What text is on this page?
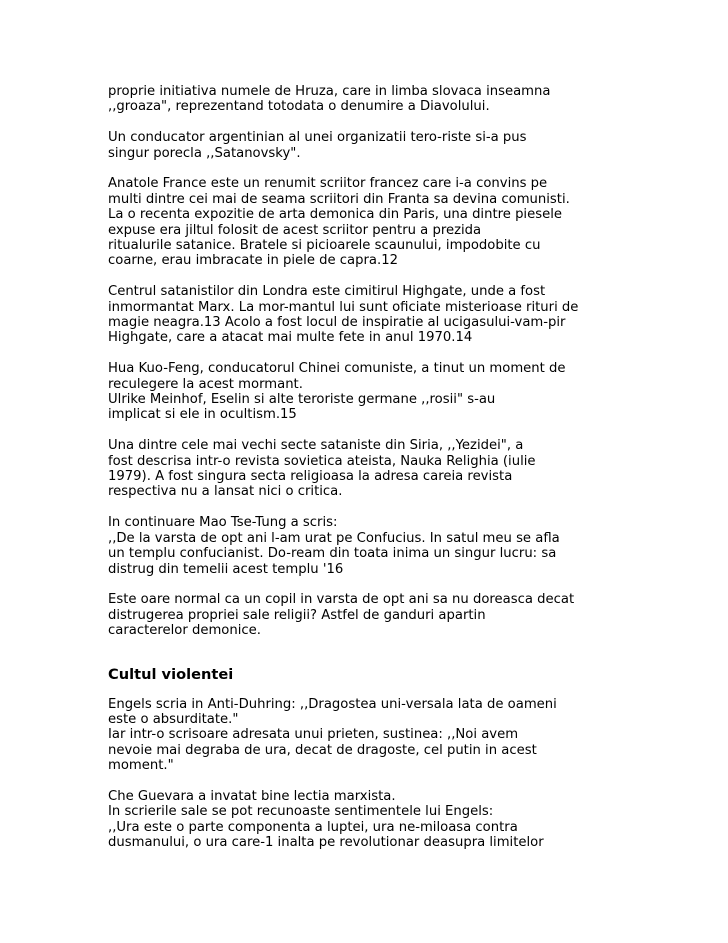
proprie initiativa numele de Hruza, care in limba slovaca inseamna
,,groaza", reprezentand totodata o denumire a Diavolului.
Un conducator argentinian al unei organizatii tero-riste si-a pus
singur porecla ,,Satanovsky".
Anatole France este un renumit scriitor francez care i-a convins pe
multi dintre cei mai de seama scriitori din Franta sa devina comunisti.
La o recenta expozitie de arta demonica din Paris, una dintre piesele
expuse era jiltul folosit de acest scriitor pentru a prezida
ritualurile satanice. Bratele si picioarele scaunului, impodobite cu
coarne, erau imbracate in piele de capra.12
Centrul satanistilor din Londra este cimitirul Highgate, unde a fost
inmormantat Marx. La mor-mantul lui sunt oficiate misterioase rituri de
magie neagra.13 Acolo a fost locul de inspiratie al ucigasului-vam-pir
Highgate, care a atacat mai multe fete in anul 1970.14
Hua Kuo-Feng, conducatorul Chinei comuniste, a tinut un moment de
reculegere la acest mormant.
Ulrike Meinhof, Eselin si alte teroriste germane ,,rosii" s-au
implicat si ele in ocultism.15
Una dintre cele mai vechi secte sataniste din Siria, ,,Yezidei", a
fost descrisa intr-o revista sovietica ateista, Nauka Relighia (iulie
1979). A fost singura secta religioasa la adresa careia revista
respectiva nu a lansat nici o critica.
In continuare Mao Tse-Tung a scris:
,,De la varsta de opt ani l-am urat pe Confucius. In satul meu se afla
un templu confucianist. Do-ream din toata inima un singur lucru: sa
distrug din temelii acest templu '16
Este oare normal ca un copil in varsta de opt ani sa nu doreasca decat
distrugerea propriei sale religii? Astfel de ganduri apartin
caracterelor demonice.
Cultul violentei
Engels scria in Anti-Duhring: ,,Dragostea uni-versala lata de oameni
este o absurditate."
Iar intr-o scrisoare adresata unui prieten, sustinea: ,,Noi avem
nevoie mai degraba de ura, decat de dragoste, cel putin in acest
moment."
Che Guevara a invatat bine lectia marxista.
In scrierile sale se pot recunoaste sentimentele lui Engels:
,,Ura este o parte componenta a luptei, ura ne-miloasa contra
dusmanului, o ura care-1 inalta pe revolutionar deasupra limitelor
